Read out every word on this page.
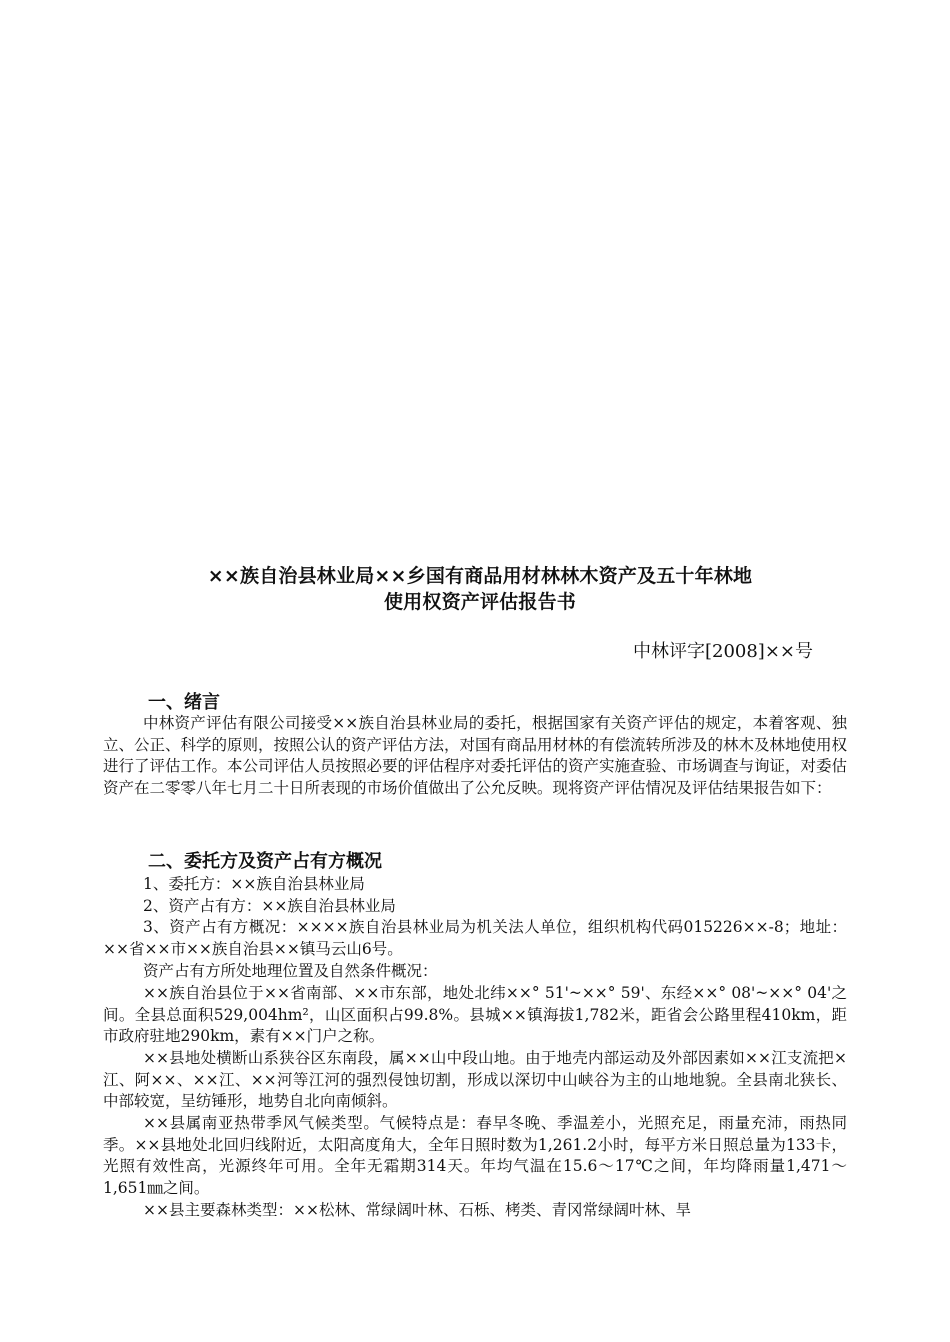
××族自治县林业局××乡国有商品用材林林木资产及五十年林地
使用权资产评估报告书
中林评字[2008]××号
一、绪言
中林资产评估有限公司接受××族自治县林业局的委托，根据国家有关资产评估的规定，本着客观、独立、公正、科学的原则，按照公认的资产评估方法，对国有商品用材林的有偿流转所涉及的林木及林地使用权进行了评估工作。本公司评估人员按照必要的评估程序对委托评估的资产实施查验、市场调查与询证，对委估资产在二零零八年七月二十日所表现的市场价值做出了公允反映。现将资产评估情况及评估结果报告如下：
二、委托方及资产占有方概况
1、委托方：××族自治县林业局
2、资产占有方：××族自治县林业局
3、资产占有方概况：××××族自治县林业局为机关法人单位，组织机构代码015226××-8；地址：××省××市××族自治县××镇马云山6号。
资产占有方所处地理位置及自然条件概况：
××族自治县位于××省南部、××市东部，地处北纬××° 51'~××° 59'、东经××° 08'~××° 04'之间。全县总面积529,004hm²，山区面积占99.8%。县城××镇海拔1,782米，距省会公路里程410km，距市政府驻地290km，素有××门户之称。
××县地处横断山系狭谷区东南段，属××山中段山地。由于地壳内部运动及外部因素如××江支流把×江、阿××、××江、××河等江河的强烈侵蚀切割，形成以深切中山峡谷为主的山地地貌。全县南北狭长、中部较宽，呈纺锤形，地势自北向南倾斜。
××县属南亚热带季风气候类型。气候特点是：春早冬晚、季温差小，光照充足，雨量充沛，雨热同季。××县地处北回归线附近，太阳高度角大，全年日照时数为1,261.2小时，每平方米日照总量为133卡，光照有效性高，光源终年可用。全年无霜期314天。年均气温在15.6～17℃之间，年均降雨量1,471～1,651㎜之间。
××县主要森林类型：××松林、常绿阔叶林、石栎、栲类、青冈常绿阔叶林、旱
